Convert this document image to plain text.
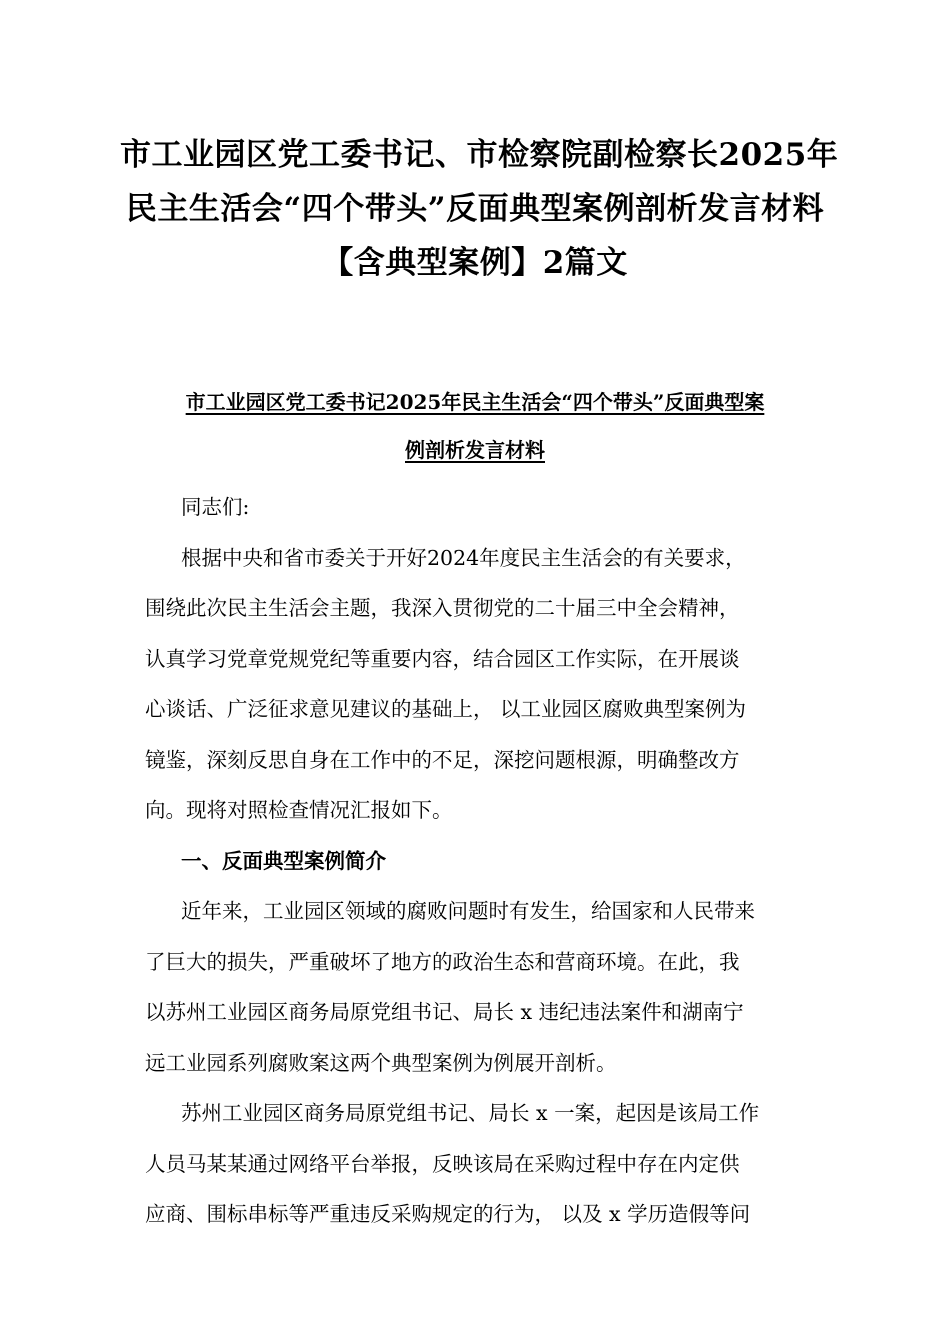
市工业园区党工委书记、市检察院副检察长2025年
民主生活会“四个带头”反面典型案例剖析发言材料
【含典型案例】2篇文
市工业园区党工委书记2025年民主生活会“四个带头”反面典型案
例剖析发言材料
同志们:
根据中央和省市委关于开好2024年度民主生活会的有关要求，
围绕此次民主生活会主题，我深入贯彻党的二十届三中全会精神，
认真学习党章党规党纪等重要内容，结合园区工作实际，在开展谈
心谈话、广泛征求意见建议的基础上， 以工业园区腐败典型案例为
镜鉴，深刻反思自身在工作中的不足，深挖问题根源，明确整改方
向。现将对照检查情况汇报如下。
一、反面典型案例简介
近年来，工业园区领域的腐败问题时有发生，给国家和人民带来
了巨大的损失，严重破坏了地方的政治生态和营商环境。在此，我
以苏州工业园区商务局原党组书记、局长 x 违纪违法案件和湖南宁
远工业园系列腐败案这两个典型案例为例展开剖析。
苏州工业园区商务局原党组书记、局长 x 一案，起因是该局工作
人员马某某通过网络平台举报，反映该局在采购过程中存在内定供
应商、围标串标等严重违反采购规定的行为， 以及 x 学历造假等问
